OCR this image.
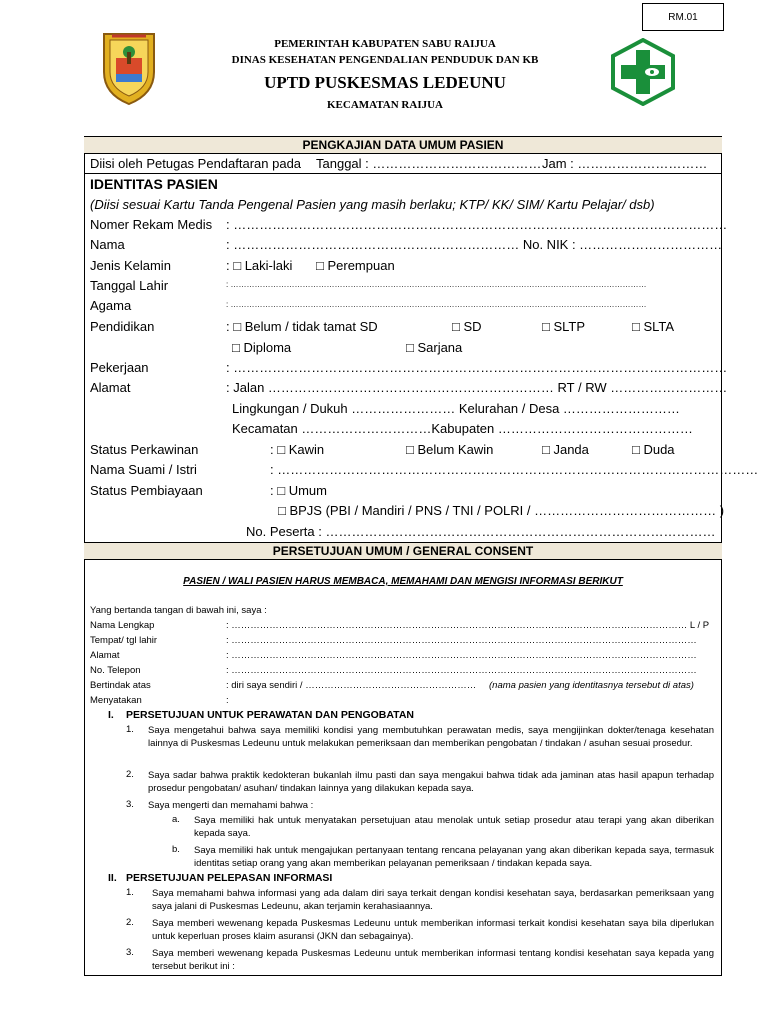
RM.01
PEMERINTAH KABUPATEN SABU RAIJUA
DINAS KESEHATAN PENGENDALIAN PENDUDUK DAN KB
UPTD PUSKESMAS LEDEUNU
KECAMATAN RAIJUA
PENGKAJIAN DATA UMUM PASIEN
Diisi oleh Petugas Pendaftaran pada Tanggal : ………………………………… Jam : …………………………
IDENTITAS PASIEN
(Diisi sesuai Kartu Tanda Pengenal Pasien yang masih berlaku; KTP/ KK/ SIM/ Kartu Pelajar/ dsb)
Nomer Rekam Medis : ……………………………………………………………………………………………………
Nama	: ………………………………………………………… No. NIK : ……………………………
Jenis Kelamin	: □ Laki-laki □ Perempuan
Tanggal Lahir	: …………………………………………………………………………………………………………………………………………
Agama	: …………………………………………………………………………………………………………………………………………
Pendidikan	: □ Belum / tidak tamat SD	□ SD	□ SLTP	□ SLTA
□ Diploma	□ Sarjana
Pekerjaan	: ……………………………………………………………………………………………………
Alamat	: Jalan ………………………………………………………… RT / RW ………………………
Lingkungan / Dukuh …………………… Kelurahan / Desa ………………………
Kecamatan …………………………Kabupaten ………………………………………
Status Perkawinan	: □ Kawin	□ Belum Kawin	□ Janda	□ Duda
Nama Suami / Istri	: …………………………………………………………………………………………………
Status Pembiayaan	: □ Umum
□ BPJS (PBI / Mandiri / PNS / TNI / POLRI / …………………………………… )
No. Peserta : ………………………………………………………………………………
PERSETUJUAN UMUM / GENERAL CONSENT
PASIEN / WALI PASIEN HARUS MEMBACA, MEMAHAMI DAN MENGISI INFORMASI BERIKUT
Yang bertanda tangan di bawah ini, saya :
Nama Lengkap	: ……………………………………………………………………………………………………………………………… L / P
Tempat/ tgl lahir	: …………………………………………………………………………………………………………………………………
Alamat	: …………………………………………………………………………………………………………………………………
No. Telepon	: …………………………………………………………………………………………………………………………………
Bertindak atas	: diri saya sendiri / ……………………………………………… (nama pasien yang identitasnya tersebut di atas)
Menyatakan	:
I. PERSETUJUAN UNTUK PERAWATAN DAN PENGOBATAN
1. Saya mengetahui bahwa saya memiliki kondisi yang membutuhkan perawatan medis, saya mengijinkan dokter/tenaga kesehatan lainnya di Puskesmas Ledeunu untuk melakukan pemeriksaan dan memberikan pengobatan / tindakan / asuhan sesuai prosedur.
2. Saya sadar bahwa praktik kedokteran bukanlah ilmu pasti dan saya mengakui bahwa tidak ada jaminan atas hasil apapun terhadap prosedur pengobatan/ asuhan/ tindakan lainnya yang dilakukan kepada saya.
3. Saya mengerti dan memahami bahwa :
a. Saya memiliki hak untuk menyatakan persetujuan atau menolak untuk setiap prosedur atau terapi yang akan diberikan kepada saya.
b. Saya memiliki hak untuk mengajukan pertanyaan tentang rencana pelayanan yang akan diberikan kepada saya, termasuk identitas setiap orang yang akan memberikan pelayanan pemeriksaan / tindakan kepada saya.
II. PERSETUJUAN PELEPASAN INFORMASI
1. Saya memahami bahwa informasi yang ada dalam diri saya terkait dengan kondisi kesehatan saya, berdasarkan pemeriksaan yang saya jalani di Puskesmas Ledeunu, akan terjamin kerahasiaannya.
2. Saya memberi wewenang kepada Puskesmas Ledeunu untuk memberikan informasi terkait kondisi kesehatan saya bila diperlukan untuk keperluan proses klaim asuransi (JKN dan sebagainya).
3. Saya memberi wewenang kepada Puskesmas Ledeunu untuk memberikan informasi tentang kondisi kesehatan saya kepada yang tersebut berikut ini :
